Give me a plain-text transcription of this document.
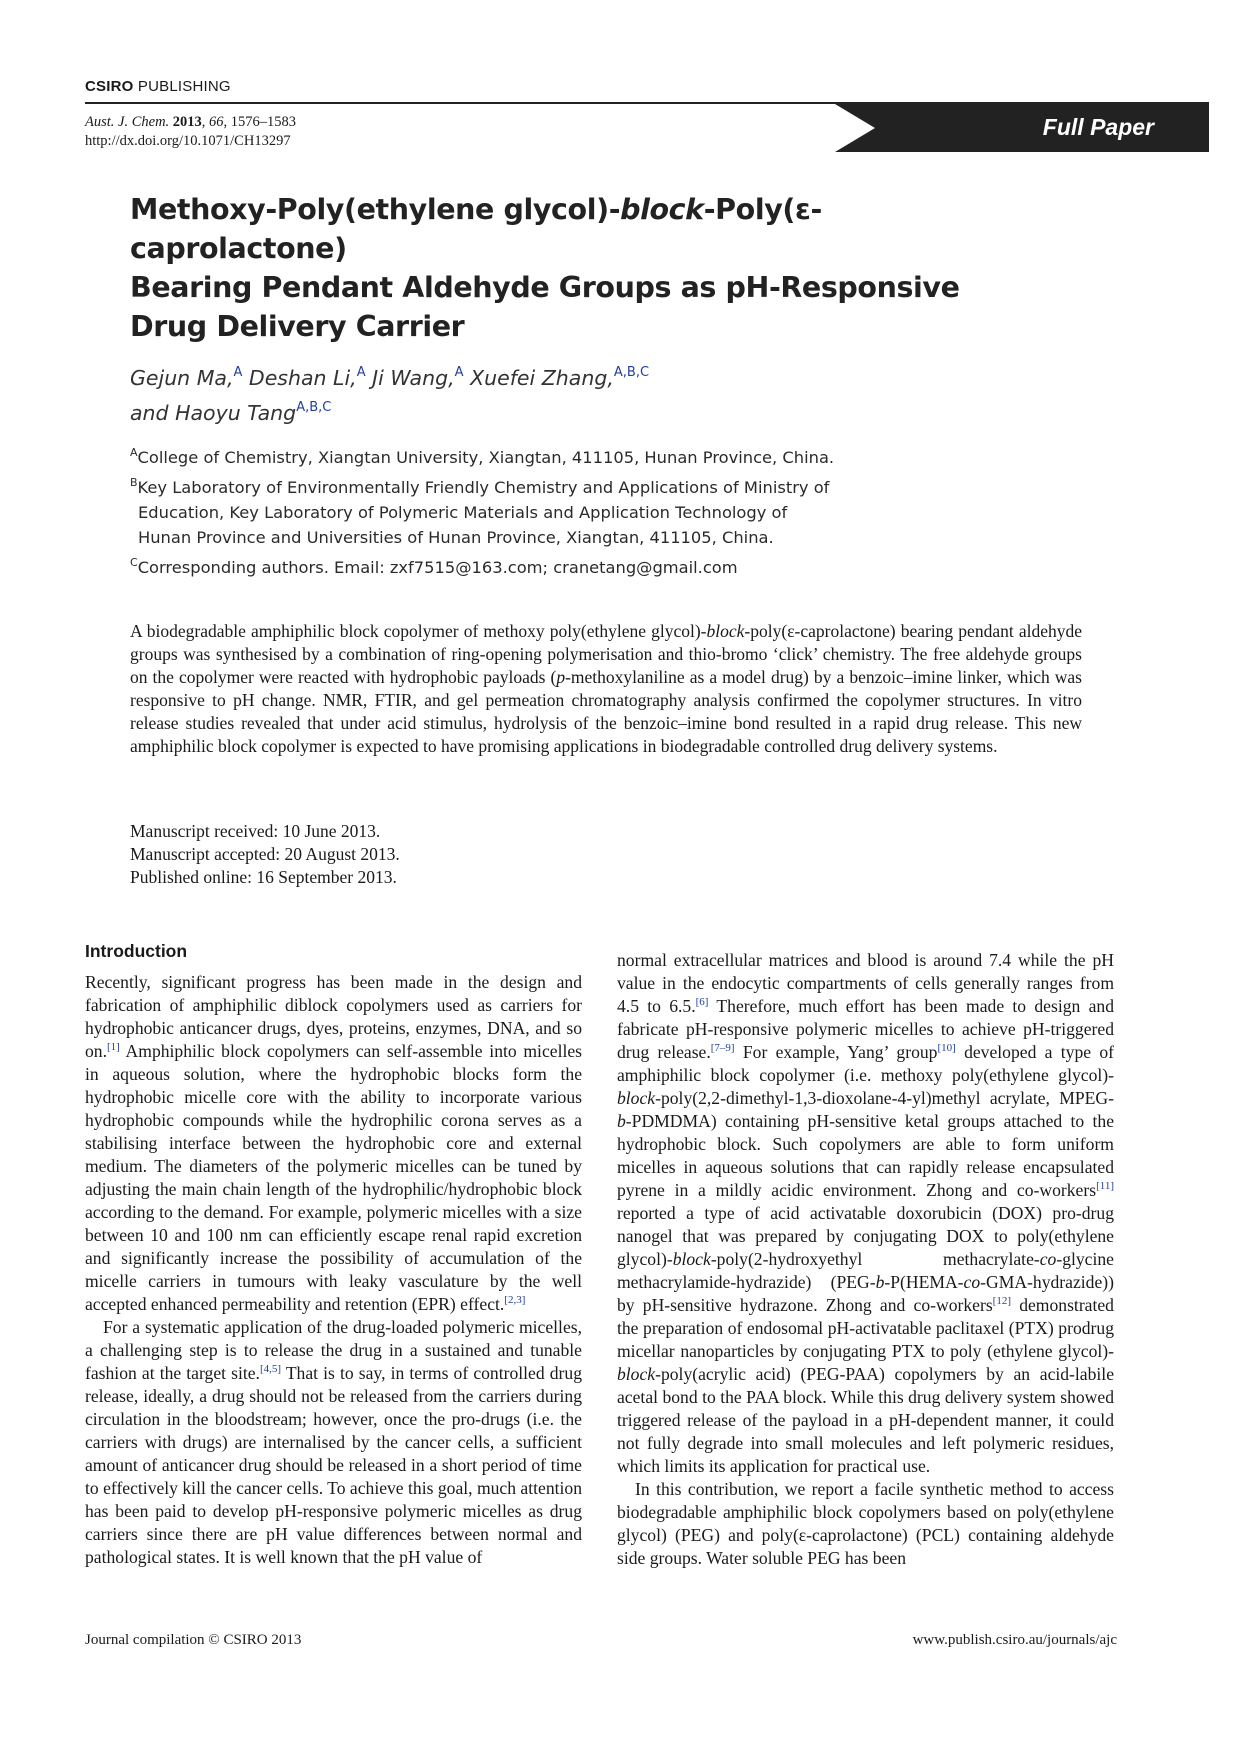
CSIRO PUBLISHING
Aust. J. Chem. 2013, 66, 1576–1583
http://dx.doi.org/10.1071/CH13297
Full Paper
Methoxy-Poly(ethylene glycol)-block-Poly(ε-caprolactone)
Bearing Pendant Aldehyde Groups as pH-Responsive
Drug Delivery Carrier
Gejun Ma,$^A$ Deshan Li,$^A$ Ji Wang,$^A$ Xuefei Zhang,$^{A,B,C}$
and Haoyu Tang$^{A,B,C}$
$^A$College of Chemistry, Xiangtan University, Xiangtan, 411105, Hunan Province, China.
$^B$Key Laboratory of Environmentally Friendly Chemistry and Applications of Ministry of
Education, Key Laboratory of Polymeric Materials and Application Technology of
Hunan Province and Universities of Hunan Province, Xiangtan, 411105, China.
$^C$Corresponding authors. Email: zxf7515@163.com; cranetang@gmail.com
A biodegradable amphiphilic block copolymer of methoxy poly(ethylene glycol)-block-poly(ε-caprolactone) bearing pendant aldehyde groups was synthesised by a combination of ring-opening polymerisation and thio-bromo ‘click’ chemistry. The free aldehyde groups on the copolymer were reacted with hydrophobic payloads (p-methoxylaniline as a model drug) by a benzoic–imine linker, which was responsive to pH change. NMR, FTIR, and gel permeation chromatography analysis confirmed the copolymer structures. In vitro release studies revealed that under acid stimulus, hydrolysis of the benzoic–imine bond resulted in a rapid drug release. This new amphiphilic block copolymer is expected to have promising applications in biodegradable controlled drug delivery systems.
Manuscript received: 10 June 2013.
Manuscript accepted: 20 August 2013.
Published online: 16 September 2013.
Introduction

Recently, significant progress has been made in the design and fabrication of amphiphilic diblock copolymers used as carriers for hydrophobic anticancer drugs, dyes, proteins, enzymes, DNA, and so on.[1] Amphiphilic block copolymers can self-assemble into micelles in aqueous solution, where the hydrophobic blocks form the hydrophobic micelle core with the ability to incorporate various hydrophobic compounds while the hydrophilic corona serves as a stabilising interface between the hydrophobic core and external medium. The diameters of the polymeric micelles can be tuned by adjusting the main chain length of the hydrophilic/hydrophobic block according to the demand. For example, polymeric micelles with a size between 10 and 100 nm can efficiently escape renal rapid excretion and significantly increase the possibility of accumulation of the micelle carriers in tumours with leaky vasculature by the well accepted enhanced permeability and retention (EPR) effect.[2,3]

For a systematic application of the drug-loaded polymeric micelles, a challenging step is to release the drug in a sustained and tunable fashion at the target site.[4,5] That is to say, in terms of controlled drug release, ideally, a drug should not be released from the carriers during circulation in the bloodstream; however, once the pro-drugs (i.e. the carriers with drugs) are internalised by the cancer cells, a sufficient amount of anticancer drug should be released in a short period of time to effectively kill the cancer cells. To achieve this goal, much attention has been paid to develop pH-responsive polymeric micelles as drug carriers since there are pH value differences between normal and pathological states. It is well known that the pH value of

normal extracellular matrices and blood is around 7.4 while the pH value in the endocytic compartments of cells generally ranges from 4.5 to 6.5.[6] Therefore, much effort has been made to design and fabricate pH-responsive polymeric micelles to achieve pH-triggered drug release.[7–9] For example, Yang’ group[10] developed a type of amphiphilic block copolymer (i.e. methoxy poly(ethylene glycol)-block-poly(2,2-dimethyl-1,3-dioxolane-4-yl)methyl acrylate, MPEG-b-PDMDMA) containing pH-sensitive ketal groups attached to the hydrophobic block. Such copolymers are able to form uniform micelles in aqueous solutions that can rapidly release encapsulated pyrene in a mildly acidic environment. Zhong and co-workers[11] reported a type of acid activatable doxorubicin (DOX) pro-drug nanogel that was prepared by conjugating DOX to poly(ethylene glycol)-block-poly(2-hydroxyethyl methacrylate-co-glycine methacrylamide-hydrazide) (PEG-b-P(HEMA-co-GMA-hydrazide)) by pH-sensitive hydrazone. Zhong and co-workers[12] demonstrated the preparation of endosomal pH-activatable paclitaxel (PTX) prodrug micellar nanoparticles by conjugating PTX to poly (ethylene glycol)-block-poly(acrylic acid) (PEG-PAA) copolymers by an acid-labile acetal bond to the PAA block. While this drug delivery system showed triggered release of the payload in a pH-dependent manner, it could not fully degrade into small molecules and left polymeric residues, which limits its application for practical use.

In this contribution, we report a facile synthetic method to access biodegradable amphiphilic block copolymers based on poly(ethylene glycol) (PEG) and poly(ε-caprolactone) (PCL) containing aldehyde side groups. Water soluble PEG has been

Journal compilation © CSIRO 2013	www.publish.csiro.au/journals/ajc
